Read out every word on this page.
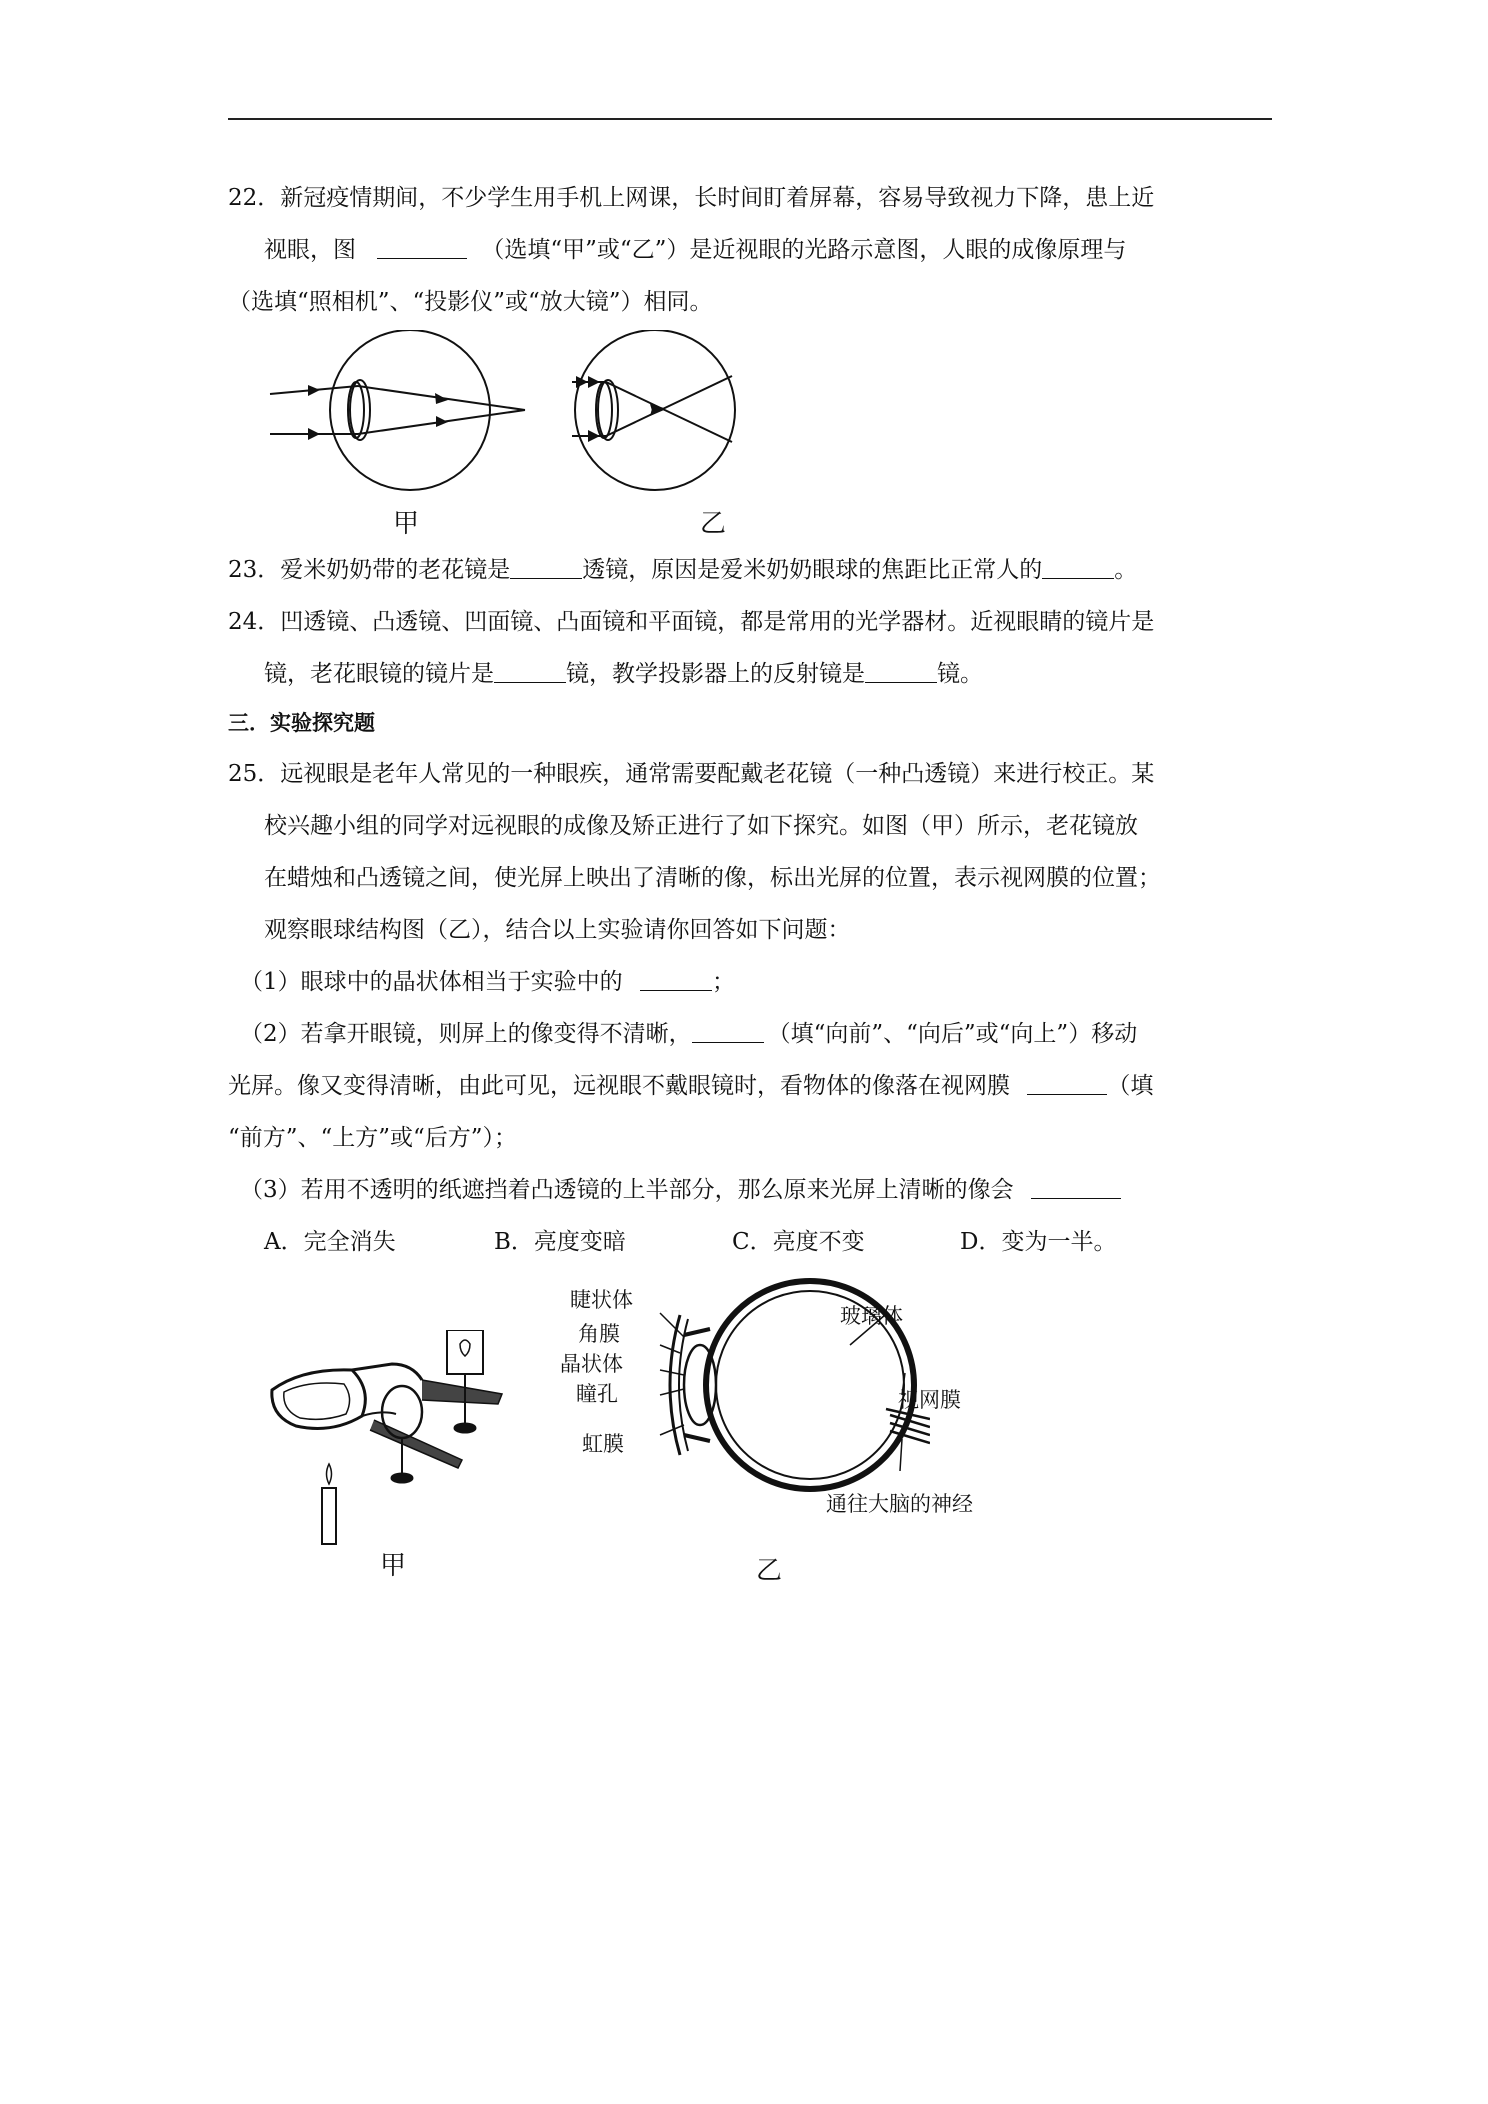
22．新冠疫情期间，不少学生用手机上网课，长时间盯着屏幕，容易导致视力下降，患上近
视眼，图	（选填“甲”或“乙”）是近视眼的光路示意图，人眼的成像原理与
（选填“照相机”、“投影仪”或“放大镜”）相同。
甲	乙
23．爱米奶奶带的老花镜是	透镜，原因是爱米奶奶眼球的焦距比正常人的	。
24．凹透镜、凸透镜、凹面镜、凸面镜和平面镜，都是常用的光学器材。近视眼睛的镜片是
镜，老花眼镜的镜片是	镜，教学投影器上的反射镜是	镜。
三．实验探究题
25．远视眼是老年人常见的一种眼疾，通常需要配戴老花镜（一种凸透镜）来进行校正。某
校兴趣小组的同学对远视眼的成像及矫正进行了如下探究。如图（甲）所示，老花镜放
在蜡烛和凸透镜之间，使光屏上映出了清晰的像，标出光屏的位置，表示视网膜的位置；
观察眼球结构图（乙），结合以上实验请你回答如下问题：
（1）眼球中的晶状体相当于实验中的	；
（2）若拿开眼镜，则屏上的像变得不清晰，	（填“向前”、“向后”或“向上”）移动
光屏。像又变得清晰，由此可见，远视眼不戴眼镜时，看物体的像落在视网膜	（填
“前方”、“上方”或“后方”）；
（3）若用不透明的纸遮挡着凸透镜的上半部分，那么原来光屏上清晰的像会
A．完全消失	B．亮度变暗	C．亮度不变	D．变为一半。
甲
睫状体
角膜
晶状体
瞳孔
虹膜
玻璃体
视网膜
通往大脑的神经
乙
